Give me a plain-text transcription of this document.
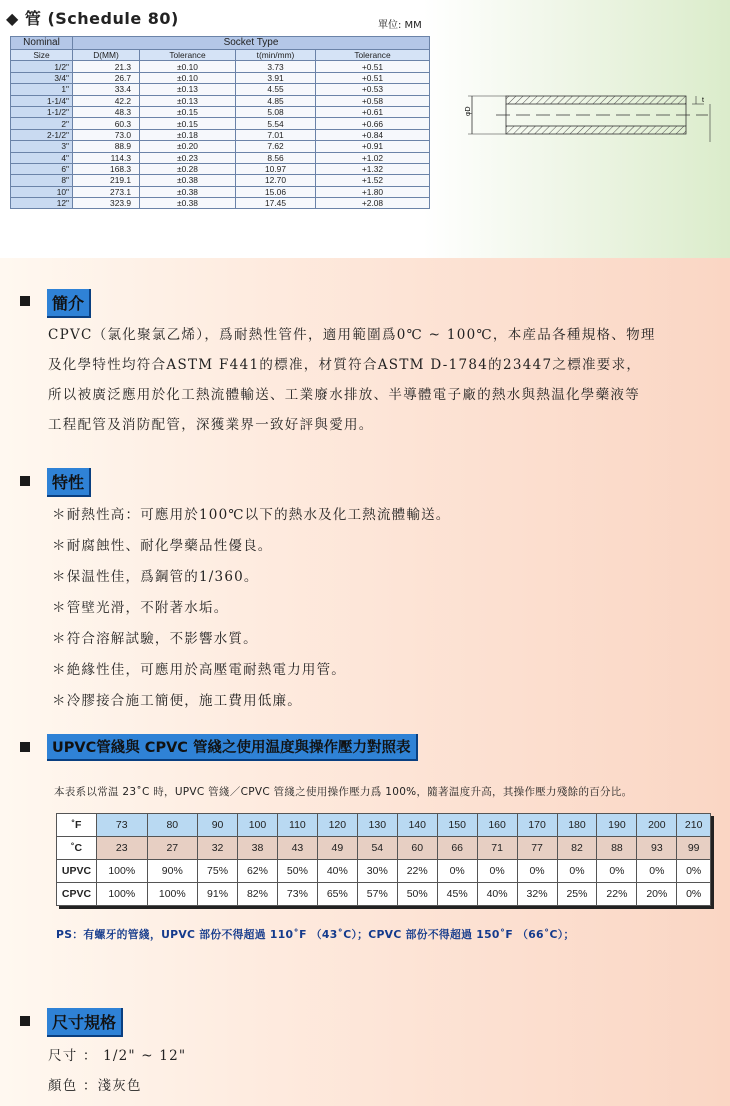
◆ 管 (Schedule 80)	單位: MM
Nominal	Socket Type			
Size	D(MM)	Tolerance	t(min/mm)	Tolerance
1/2"	21.3	±0.10	3.73	+0.51
3/4"	26.7	±0.10	3.91	+0.51
1"	33.4	±0.13	4.55	+0.53
1-1/4"	42.2	±0.13	4.85	+0.58
1-1/2"	48.3	±0.15	5.08	+0.61
2"	60.3	±0.15	5.54	+0.66
2-1/2"	73.0	±0.18	7.01	+0.84
3"	88.9	±0.20	7.62	+0.91
4"	114.3	±0.23	8.56	+1.02
6"	168.3	±0.28	10.97	+1.32
8"	219.1	±0.38	12.70	+1.52
10"	273.1	±0.38	15.06	+1.80
12"	323.9	±0.38	17.45	+2.08
φD
t
簡介
CPVC（氯化聚氯乙烯），爲耐熱性管件，適用範圍爲0℃ ~ 100℃，本産品各種規格、物理
及化學特性均符合ASTM F441的標准，材質符合ASTM D-1784的23447之標准要求，
所以被廣泛應用於化工熱流體輸送、工業廢水排放、半導體電子廠的熱水與熱温化學藥液等
工程配管及消防配管，深獲業界一致好評與愛用。
特性
＊耐熱性高：可應用於100℃以下的熱水及化工熱流體輸送。
＊耐腐蝕性、耐化學藥品性優良。
＊保温性佳，爲鋼管的1/360。
＊管壁光滑，不附著水垢。
＊符合溶解試驗，不影響水質。
＊絶緣性佳，可應用於高壓電耐熱電力用管。
＊冷膠接合施工簡便，施工費用低廉。
UPVC管綫與 CPVC 管綫之使用温度與操作壓力對照表
本表系以常温 23˚C 時，UPVC 管綫／CPVC 管綫之使用操作壓力爲 100%，隨著温度升高，其操作壓力殘餘的百分比。
˚F	73	80	90	100	110	120	130	140	150	160	170	180	190	200	210
˚C	23	27	32	38	43	49	54	60	66	71	77	82	88	93	99
UPVC	100%	90%	75%	62%	50%	40%	30%	22%	0%	0%	0%	0%	0%	0%	0%
CPVC	100%	100%	91%	82%	73%	65%	57%	50%	45%	40%	32%	25%	22%	20%	0%
PS：有螺牙的管綫，UPVC 部份不得超過 110˚F （43˚C）；CPVC 部份不得超過 150˚F （66˚C）；
尺寸規格
尺寸 ： 1/2" ~ 12"
顏色 ：淺灰色
